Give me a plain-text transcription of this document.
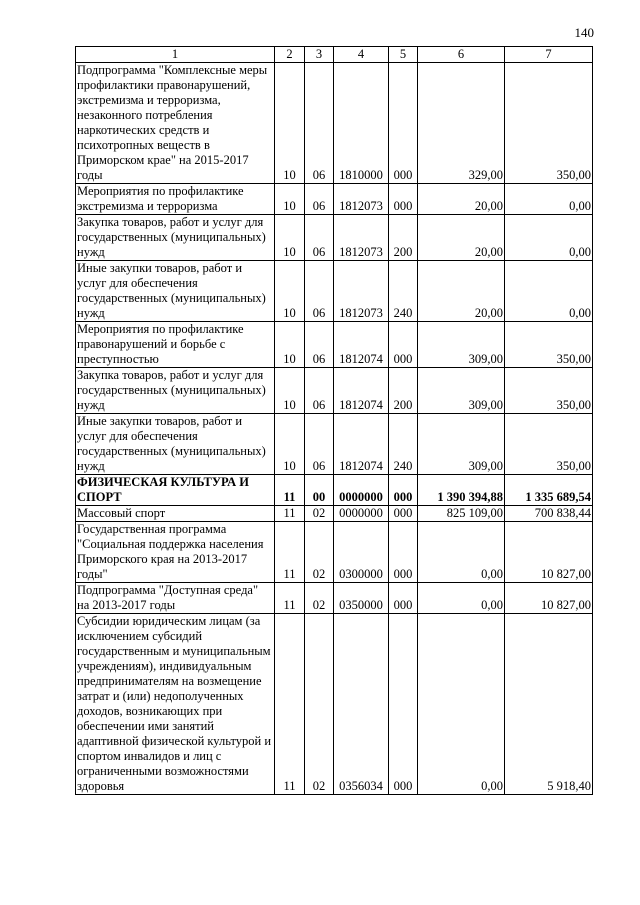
140
1	2	3	4	5	6	7
Подпрограмма "Комплексные меры профилактики правонарушений, экстремизма и терроризма, незаконного потребления наркотических средств и психотропных веществ в Приморском крае" на 2015-2017 годы	10	06	1810000	000	329,00	350,00
Мероприятия по профилактике экстремизма и терроризма	10	06	1812073	000	20,00	0,00
Закупка товаров, работ и услуг для государственных (муниципальных) нужд	10	06	1812073	200	20,00	0,00
Иные закупки товаров, работ и услуг для обеспечения государственных (муниципальных) нужд	10	06	1812073	240	20,00	0,00
Мероприятия по профилактике правонарушений и борьбе с преступностью	10	06	1812074	000	309,00	350,00
Закупка товаров, работ и услуг для государственных (муниципальных) нужд	10	06	1812074	200	309,00	350,00
Иные закупки товаров, работ и услуг для обеспечения государственных (муниципальных) нужд	10	06	1812074	240	309,00	350,00
ФИЗИЧЕСКАЯ КУЛЬТУРА И СПОРТ	11	00	0000000	000	1 390 394,88	1 335 689,54
Массовый спорт	11	02	0000000	000	825 109,00	700 838,44
Государственная программа "Социальная поддержка населения Приморского края на 2013-2017 годы"	11	02	0300000	000	0,00	10 827,00
Подпрограмма "Доступная среда" на 2013-2017 годы	11	02	0350000	000	0,00	10 827,00
Субсидии юридическим лицам (за исключением субсидий государственным и муниципальным учреждениям), индивидуальным предпринимателям на возмещение затрат и (или) недополученных доходов, возникающих при обеспечении ими занятий адаптивной физической культурой и спортом инвалидов и лиц с ограниченными возможностями здоровья	11	02	0356034	000	0,00	5 918,40
